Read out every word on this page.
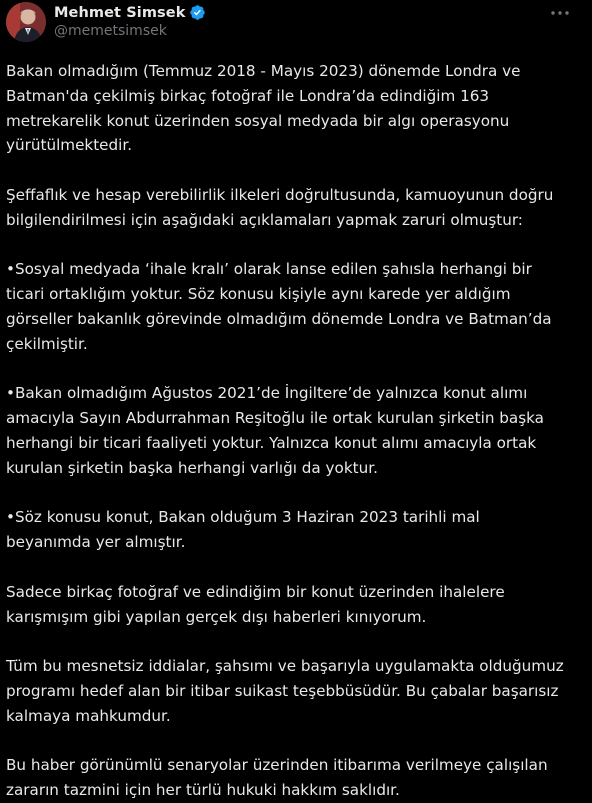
Mehmet Simsek
@memetsimsek

Bakan olmadığım (Temmuz 2018 - Mayıs 2023) dönemde Londra ve
Batman'da çekilmiş birkaç fotoğraf ile Londra’da edindiğim 163
metrekarelik konut üzerinden sosyal medyada bir algı operasyonu
yürütülmektedir.

Şeffaflık ve hesap verebilirlik ilkeleri doğrultusunda, kamuoyunun doğru
bilgilendirilmesi için aşağıdaki açıklamaları yapmak zaruri olmuştur:

•Sosyal medyada ‘ihale kralı’ olarak lanse edilen şahısla herhangi bir
ticari ortaklığım yoktur. Söz konusu kişiyle aynı karede yer aldığım
görseller bakanlık görevinde olmadığım dönemde Londra ve Batman’da
çekilmiştir.

•Bakan olmadığım Ağustos 2021’de İngiltere’de yalnızca konut alımı
amacıyla Sayın Abdurrahman Reşitoğlu ile ortak kurulan şirketin başka
herhangi bir ticari faaliyeti yoktur. Yalnızca konut alımı amacıyla ortak
kurulan şirketin başka herhangi varlığı da yoktur.

•Söz konusu konut, Bakan olduğum 3 Haziran 2023 tarihli mal
beyanımda yer almıştır.

Sadece birkaç fotoğraf ve edindiğim bir konut üzerinden ihalelere
karışmışım gibi yapılan gerçek dışı haberleri kınıyorum.

Tüm bu mesnetsiz iddialar, şahsımı ve başarıyla uygulamakta olduğumuz
programı hedef alan bir itibar suikast teşebbüsüdür. Bu çabalar başarısız
kalmaya mahkumdur.

Bu haber görünümlü senaryolar üzerinden itibarıma verilmeye çalışılan
zararın tazmini için her türlü hukuki hakkım saklıdır.
